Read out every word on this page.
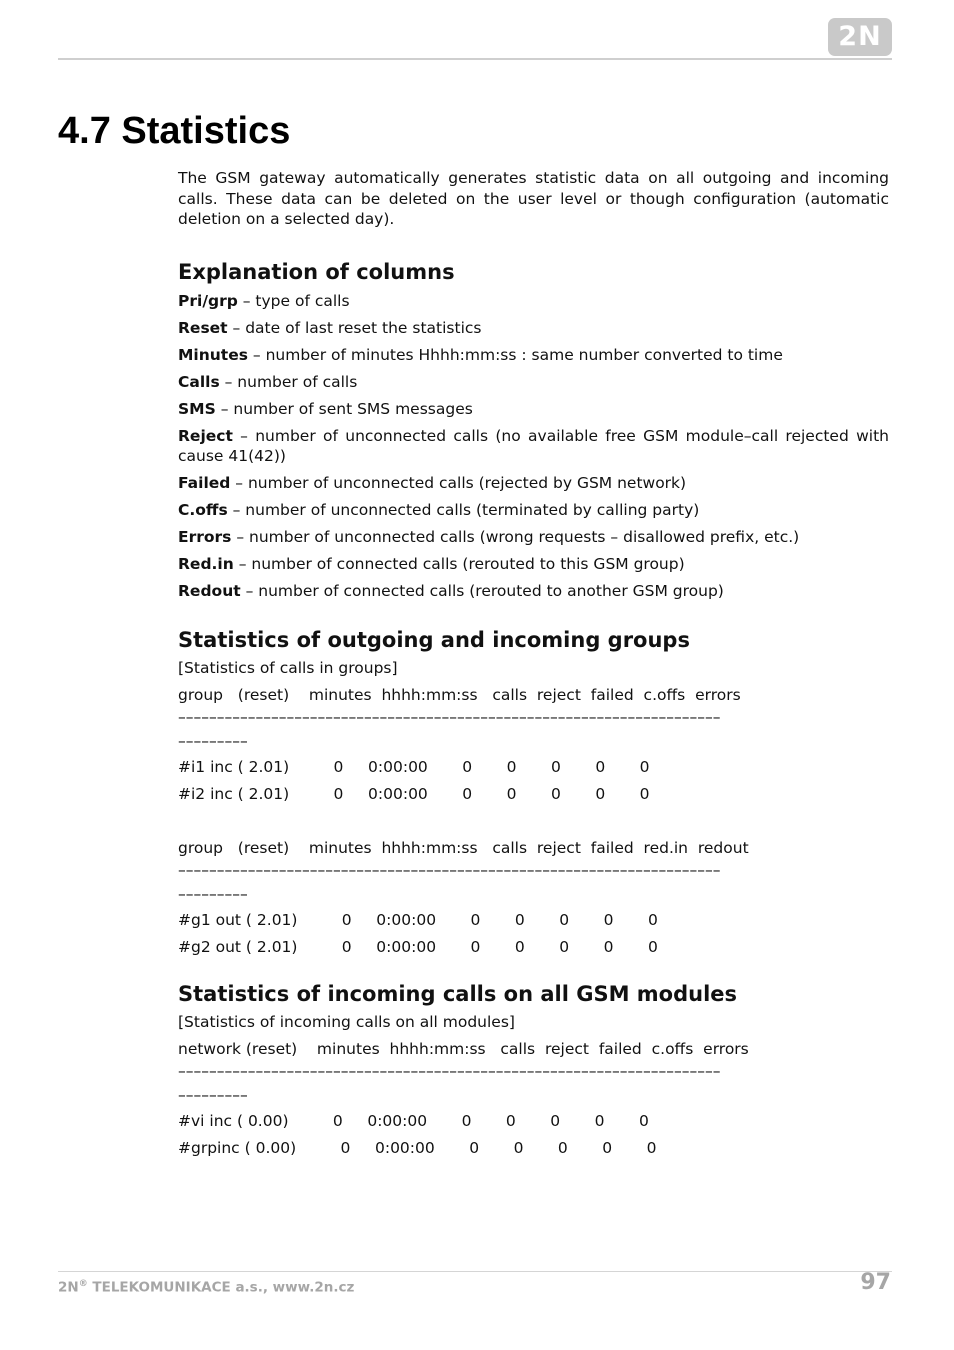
2N
4.7 Statistics

The GSM gateway automatically generates statistic data on all outgoing and incoming calls. These data can be deleted on the user level or though configuration (automatic deletion on a selected day).

Explanation of columns

Pri/grp – type of calls

Reset – date of last reset the statistics

Minutes – number of minutes Hhhh:mm:ss : same number converted to time

Calls – number of calls

SMS – number of sent SMS messages

Reject – number of unconnected calls (no available free GSM module–call rejected with cause 41(42))

Failed – number of unconnected calls (rejected by GSM network)

C.offs – number of unconnected calls (terminated by calling party)

Errors – number of unconnected calls (wrong requests – disallowed prefix, etc.)

Red.in – number of connected calls (rerouted to this GSM group)

Redout – number of connected calls (rerouted to another GSM group)

Statistics of outgoing and incoming groups

[Statistics of calls in groups]

group   (reset)    minutes  hhhh:mm:ss   calls  reject  failed  c.offs  errors

––––––––––––––––––––––––––––––––––––––––––––––––––––––––––––––––––––––

–––––––––

#i1 inc ( 2.01)         0     0:00:00       0       0       0       0       0

#i2 inc ( 2.01)         0     0:00:00       0       0       0       0       0

group   (reset)    minutes  hhhh:mm:ss   calls  reject  failed  red.in  redout

––––––––––––––––––––––––––––––––––––––––––––––––––––––––––––––––––––––

–––––––––

#g1 out ( 2.01)         0     0:00:00       0       0       0       0       0

#g2 out ( 2.01)         0     0:00:00       0       0       0       0       0

Statistics of incoming calls on all GSM modules

[Statistics of incoming calls on all modules]

network (reset)    minutes  hhhh:mm:ss   calls  reject  failed  c.offs  errors

––––––––––––––––––––––––––––––––––––––––––––––––––––––––––––––––––––––

–––––––––

#vi inc ( 0.00)         0     0:00:00       0       0       0       0       0

#grpinc ( 0.00)         0     0:00:00       0       0       0       0       0

2N® TELEKOMUNIKACE a.s., www.2n.cz	97
